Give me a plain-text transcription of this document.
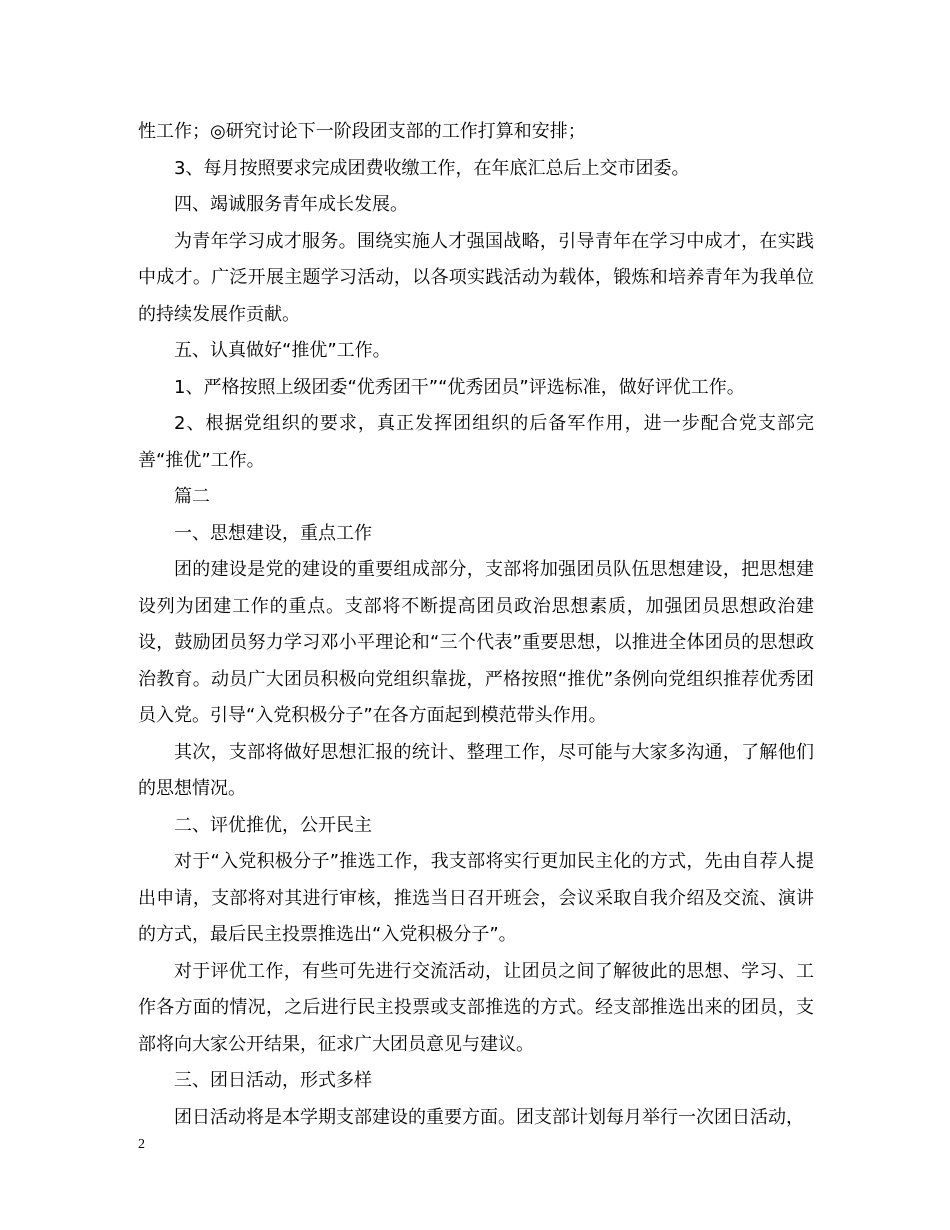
性工作；◎研究讨论下一阶段团支部的工作打算和安排；

3、每月按照要求完成团费收缴工作，在年底汇总后上交市团委。

四、竭诚服务青年成长发展。

为青年学习成才服务。围绕实施人才强国战略，引导青年在学习中成才，在实践中成才。广泛开展主题学习活动，以各项实践活动为载体，锻炼和培养青年为我单位的持续发展作贡献。

五、认真做好“推优”工作。

1、严格按照上级团委“优秀团干”“优秀团员”评选标准，做好评优工作。

2、根据党组织的要求，真正发挥团组织的后备军作用，进一步配合党支部完善“推优”工作。

篇二

一、思想建设，重点工作

团的建设是党的建设的重要组成部分，支部将加强团员队伍思想建设，把思想建设列为团建工作的重点。支部将不断提高团员政治思想素质，加强团员思想政治建设，鼓励团员努力学习邓小平理论和“三个代表”重要思想，以推进全体团员的思想政治教育。动员广大团员积极向党组织靠拢，严格按照“推优”条例向党组织推荐优秀团员入党。引导“入党积极分子”在各方面起到模范带头作用。

其次，支部将做好思想汇报的统计、整理工作，尽可能与大家多沟通，了解他们的思想情况。

二、评优推优，公开民主

对于“入党积极分子”推选工作，我支部将实行更加民主化的方式，先由自荐人提出申请，支部将对其进行审核，推选当日召开班会，会议采取自我介绍及交流、演讲的方式，最后民主投票推选出“入党积极分子”。

对于评优工作，有些可先进行交流活动，让团员之间了解彼此的思想、学习、工作各方面的情况，之后进行民主投票或支部推选的方式。经支部推选出来的团员，支部将向大家公开结果，征求广大团员意见与建议。

三、团日活动，形式多样

团日活动将是本学期支部建设的重要方面。团支部计划每月举行一次团日活动，

2
